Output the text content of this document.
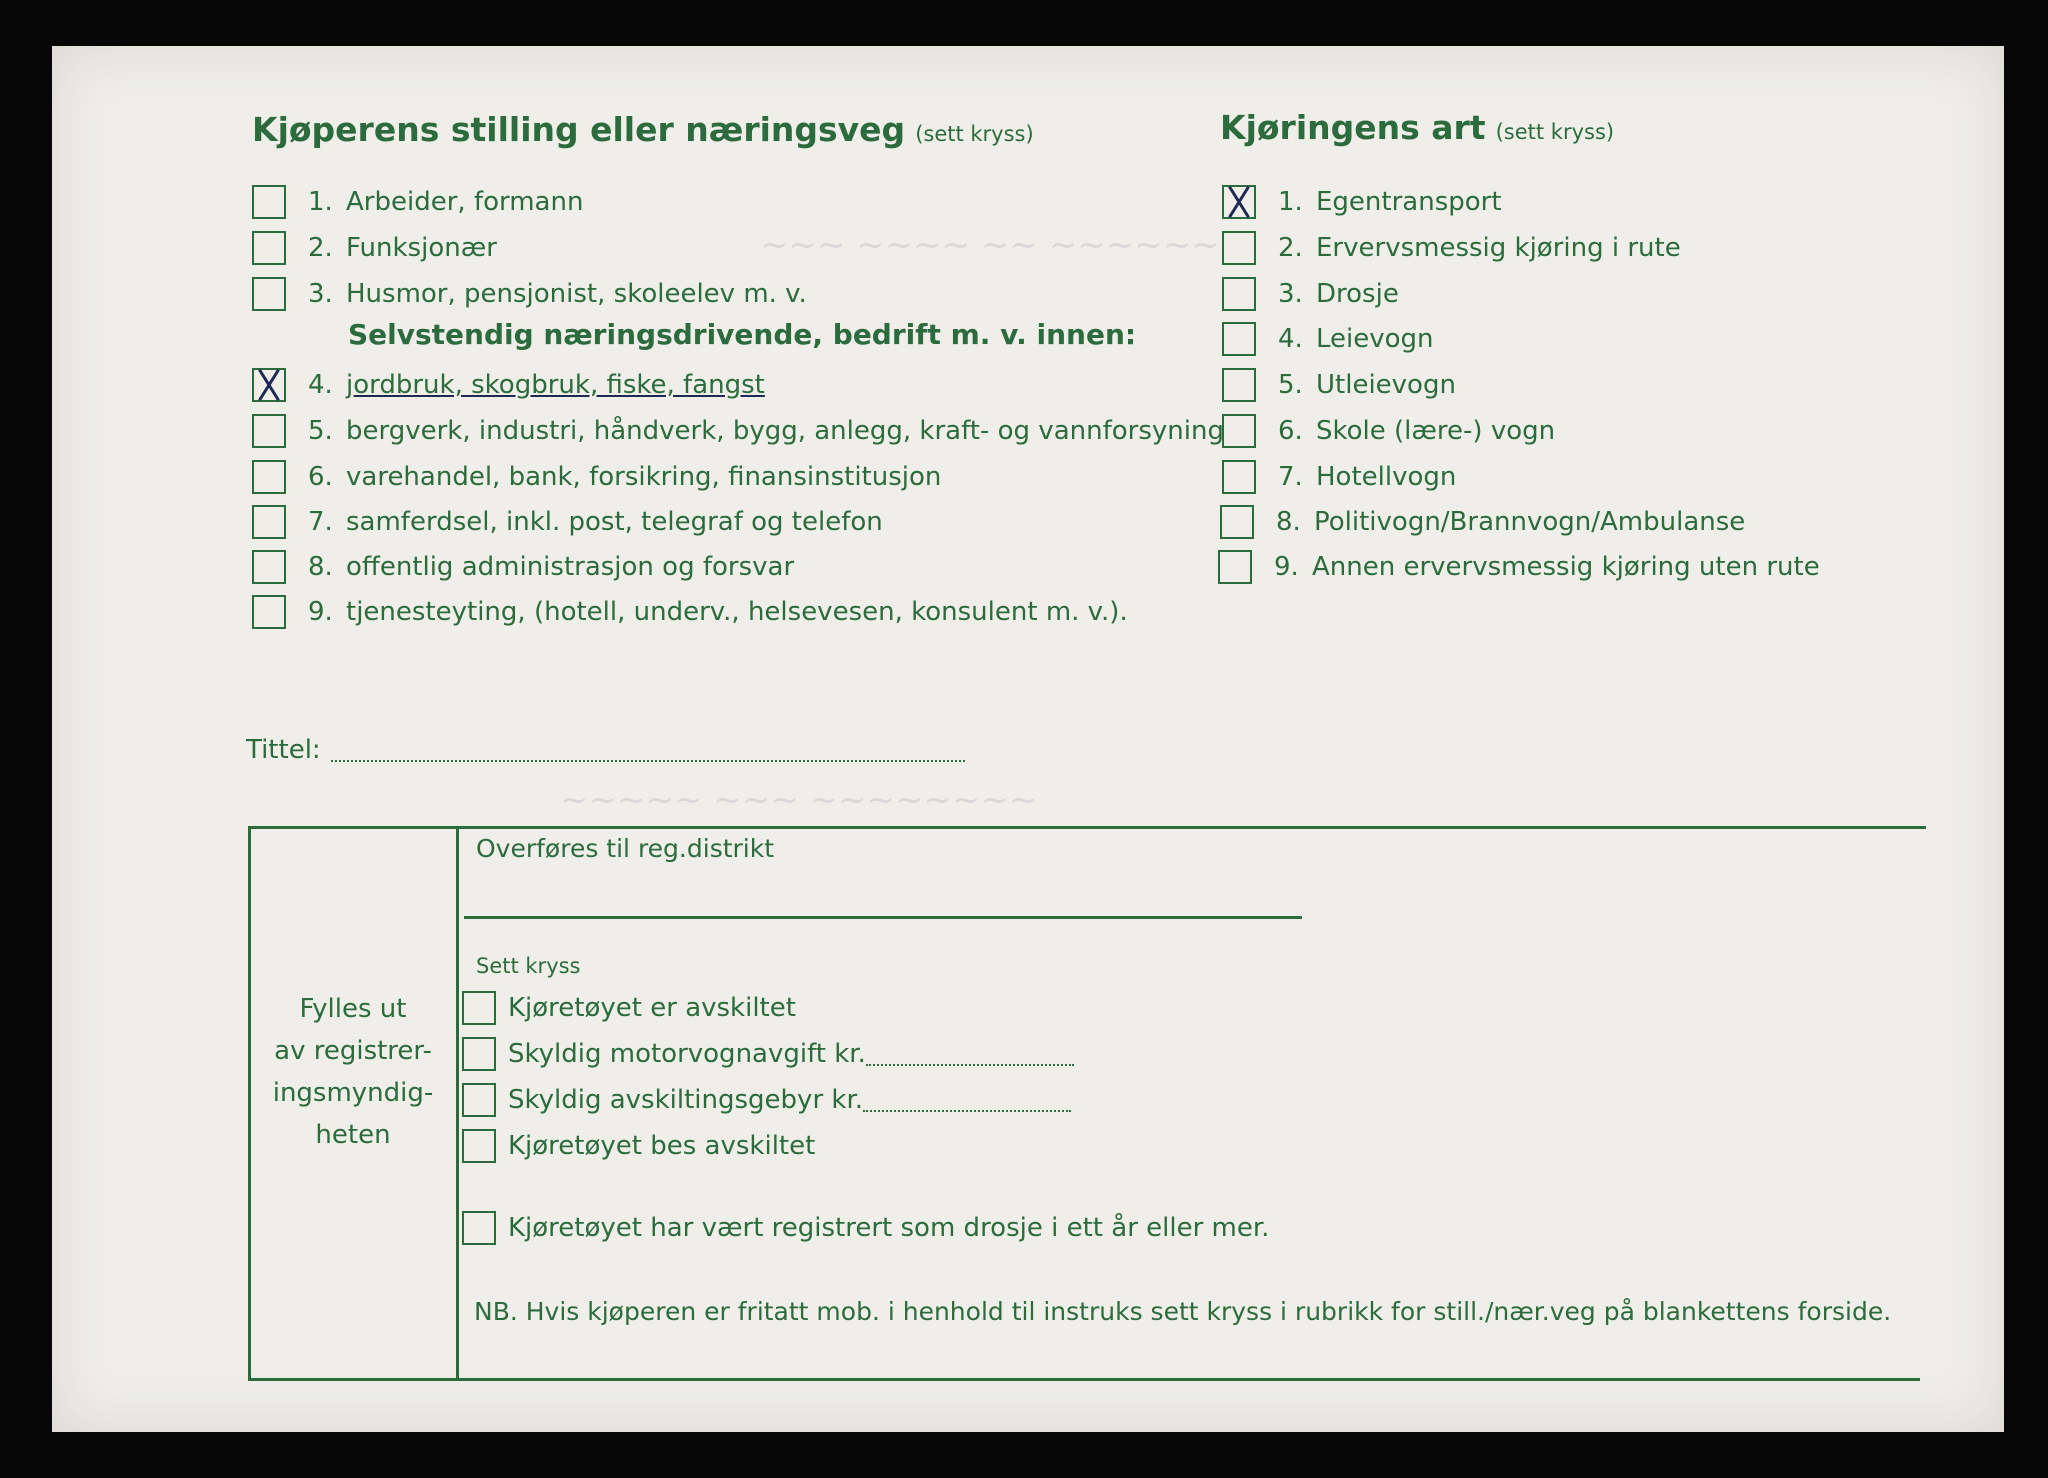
~~~ ~~~~ ~~ ~~~~~~
~~~~~ ~~~ ~~~~~~~~
Kjøperens stilling eller næringsveg (sett kryss)
1. Arbeider, formann
2. Funksjonær
3. Husmor, pensjonist, skoleelev m. v.
Selvstendig næringsdrivende, bedrift m. v. innen:
4. jordbruk, skogbruk, fiske, fangst
5. bergverk, industri, håndverk, bygg, anlegg, kraft- og vannforsyning
6. varehandel, bank, forsikring, finansinstitusjon
7. samferdsel, inkl. post, telegraf og telefon
8. offentlig administrasjon og forsvar
9. tjenesteyting, (hotell, underv., helsevesen, konsulent m. v.).
Kjøringens art (sett kryss)
1. Egentransport
2. Ervervsmessig kjøring i rute
3. Drosje
4. Leievogn
5. Utleievogn
6. Skole (lære-) vogn
7. Hotellvogn
8. Politivogn/Brannvogn/Ambulanse
9. Annen ervervsmessig kjøring uten rute
Tittel:
Fylles ut
av registrer-
ingsmyndig-
heten
Overføres til reg.distrikt
Sett kryss
Kjøretøyet er avskiltet
Skyldig motorvognavgift kr.
Skyldig avskiltingsgebyr kr.
Kjøretøyet bes avskiltet
Kjøretøyet har vært registrert som drosje i ett år eller mer.
NB. Hvis kjøperen er fritatt mob. i henhold til instruks sett kryss i rubrikk for still./nær.veg på blankettens forside.
